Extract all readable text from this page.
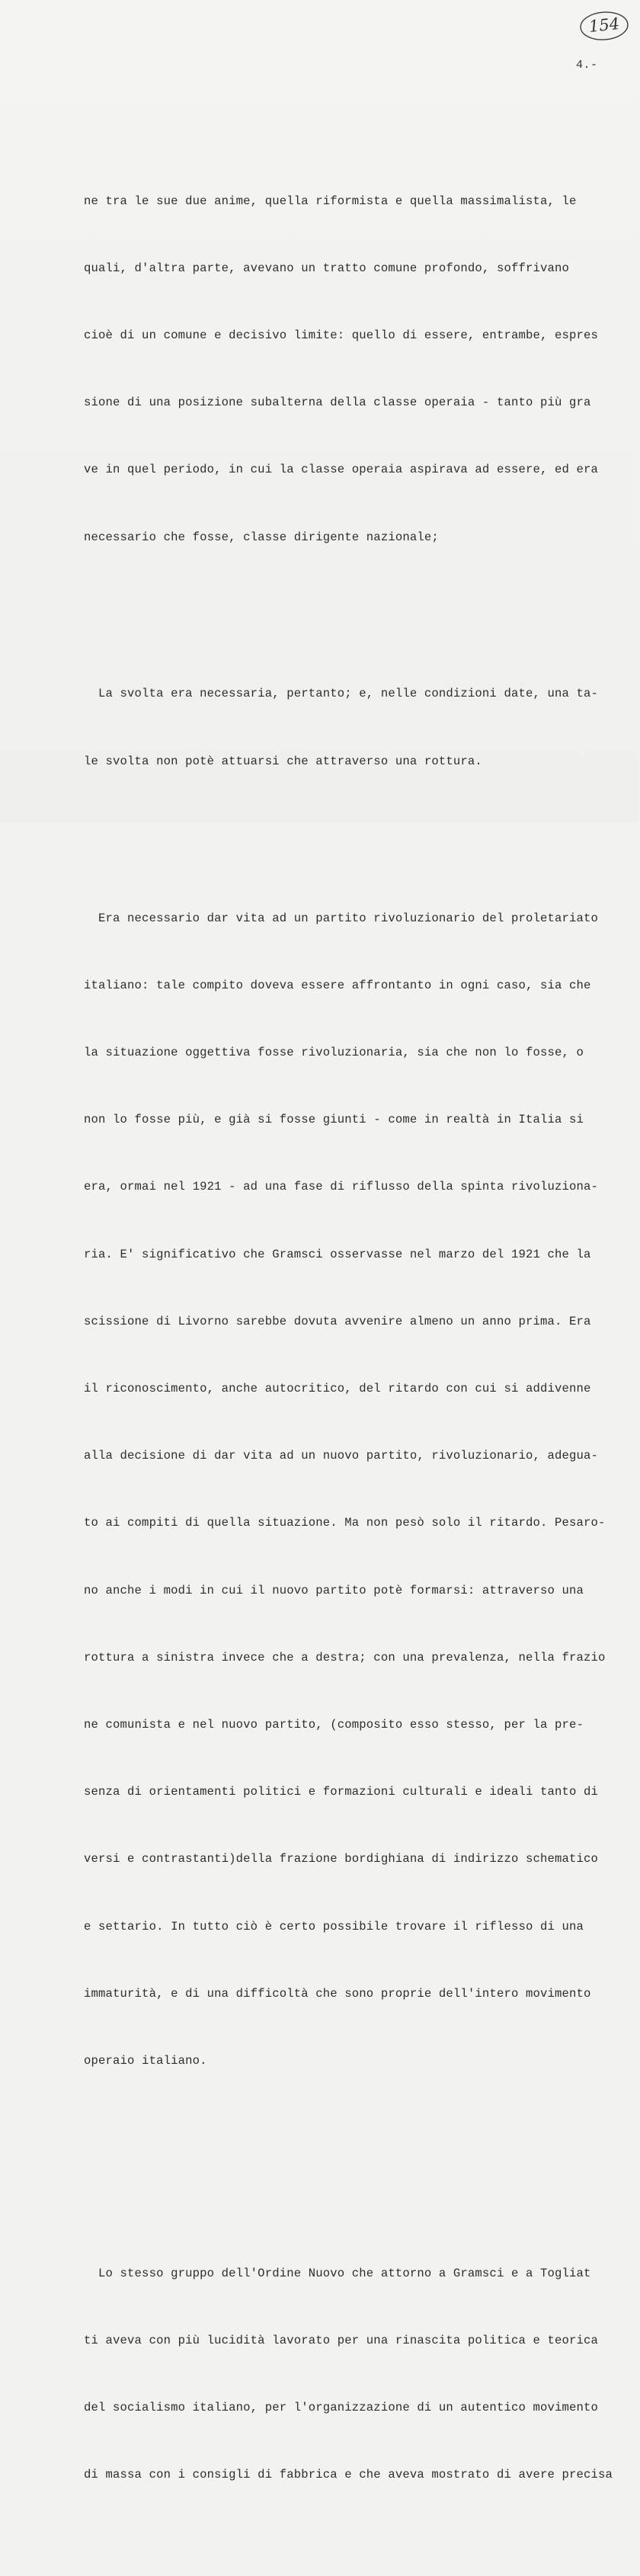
154
4.-

ne tra le sue due anime, quella riformista e quella massimalista, le

quali, d'altra parte, avevano un tratto comune profondo, soffrivano

cioè di un comune e decisivo limite: quello di essere, entrambe, espres

sione di una posizione subalterna della classe operaia - tanto più gra

ve in quel periodo, in cui la classe operaia aspirava ad essere, ed era

necessario che fosse, classe dirigente nazionale;

La svolta era necessaria, pertanto; e, nelle condizioni date, una ta-

le svolta non potè attuarsi che attraverso una rottura.

Era necessario dar vita ad un partito rivoluzionario del proletariato

italiano: tale compito doveva essere affrontanto in ogni caso, sia che

la situazione oggettiva fosse rivoluzionaria, sia che non lo fosse, o

non lo fosse più, e già si fosse giunti - come in realtà in Italia si

era, ormai nel 1921 - ad una fase di riflusso della spinta rivoluziona-

ria. E' significativo che Gramsci osservasse nel marzo del 1921 che la

scissione di Livorno sarebbe dovuta avvenire almeno un anno prima. Era

il riconoscimento, anche autocritico, del ritardo con cui si addivenne

alla decisione di dar vita ad un nuovo partito, rivoluzionario, adegua-

to ai compiti di quella situazione. Ma non pesò solo il ritardo. Pesaro-

no anche i modi in cui il nuovo partito potè formarsi: attraverso una

rottura a sinistra invece che a destra; con una prevalenza, nella frazio

ne comunista e nel nuovo partito, (composito esso stesso, per la pre-

senza di orientamenti politici e formazioni culturali e ideali tanto di

versi e contrastanti)della frazione bordighiana di indirizzo schematico

e settario. In tutto ciò è certo possibile trovare il riflesso di una

immaturità, e di una difficoltà che sono proprie dell'intero movimento

operaio italiano.

Lo stesso gruppo dell'Ordine Nuovo che attorno a Gramsci e a Togliat

ti aveva con più lucidità lavorato per una rinascita politica e teorica

del socialismo italiano, per l'organizzazione di un autentico movimento

di massa con i consigli di fabbrica e che aveva mostrato di avere precisa
